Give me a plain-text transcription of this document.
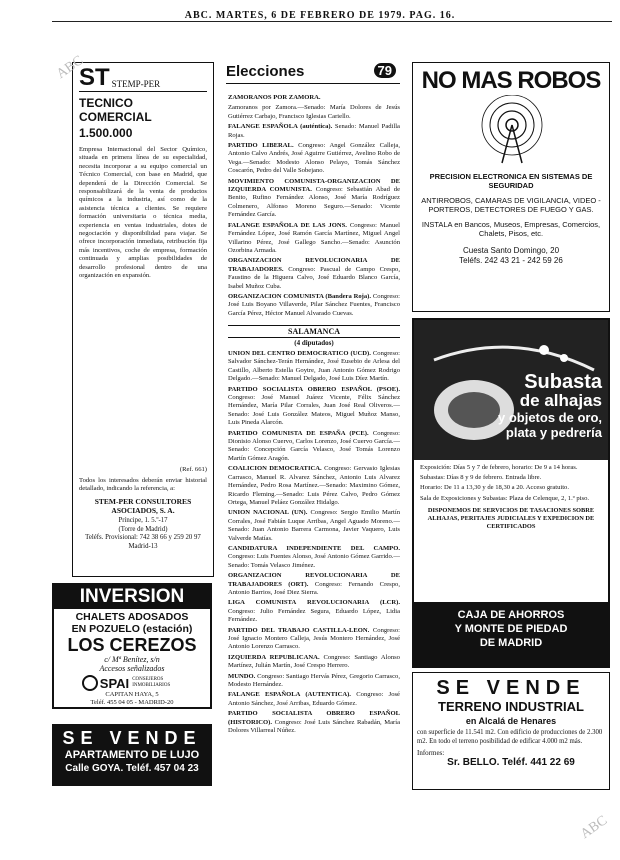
ABC. MARTES, 6 DE FEBRERO DE 1979. PAG. 16.
ST STEMP-PER
TECNICO
COMERCIAL
1.500.000
Empresa Internacional del Sector Químico, situada en primera línea de su especialidad, necesita incorporar a su equipo comercial un Técnico Comercial, con base en Madrid, que dependerá de la Dirección Comercial. Se responsabilizará de la venta de productos químicos a la industria, así como de la asistencia técnica a clientes. Se requiere formación universitaria o técnica media, experiencia en ventas industriales, dotes de negociación y disponibilidad para viajar. Se ofrece incorporación inmediata, retribución fija más incentivos, coche de empresa, formación continuada y amplias posibilidades de desarrollo profesional dentro de una organización en expansión.
(Ref. 661)
Todos los interesados deberán enviar historial detallado, indicando la referencia, a:
STEM-PER CONSULTORES
ASOCIADOS, S. A.
Príncipe, 1. 5.º-17
(Torre de Madrid)
Teléfs. Provisional: 742 38 66 y 259 20 97
Madrid-13
INVERSION
CHALETS ADOSADOS
EN POZUELO (estación)
LOS CEREZOS
c/ Mª Benítez, s/n
Accesos señalizados
SPAI CONSEJEROS INMOBILIARIOS
CAPITAN HAYA, 5
Teléf. 455 04 05 - MADRID-20
SE VENDE
APARTAMENTO DE LUJO
Calle GOYA. Teléf. 457 04 23
Elecciones	79

ZAMORANOS POR ZAMORA.

Zamoranos por Zamora.—Senado: María Dolores de Jesús Gutiérrez Carbajo, Francisco Iglesias Cariello.

FALANGE ESPAÑOLA (auténtica). Senado: Manuel Padilla Rojas.

PARTIDO LIBERAL. Congreso: Angel González Calleja, Antonio Calvo Andrés, José Aguirre Gutiérrez, Avelino Robo de Vega.—Senado: Modesto Alonso Pelayo, Tomás Sánchez Coscarón, Pedro del Valle Sobejano.

MOVIMIENTO COMUNISTA-ORGANIZACION DE IZQUIERDA COMUNISTA. Congreso: Sebastián Abad de Benito, Rufino Fernández Alonso, José María Rodríguez Colmenero, Alfonso Moreno Seguro.—Senado: Vicente Fernández García.

FALANGE ESPAÑOLA DE LAS JONS. Congreso: Manuel Fernández López, José Ramón García Martínez, Miguel Angel Villarino Pérez, José Gallego Sancho.—Senado: Asunción Ozorbina Armada.

ORGANIZACION REVOLUCIONARIA DE TRABAJADORES. Congreso: Pascual de Campo Crespo, Faustino de la Higuera Calvo, José Eduardo Blanco García, Isabel Muñoz Cuba.

ORGANIZACION COMUNISTA (Bandera Roja). Congreso: José Luis Boyano Villaverde, Pilar Sánchez Fuentes, Francisco García Pérez, Héctor Manuel Alvarado Cuevas.

SALAMANCA
(4 diputados)

UNION DEL CENTRO DEMOCRATICO (UCD). Congreso: Salvador Sánchez-Terán Hernández, José Eusebio de Arlesa del Castillo, Alberto Estella Goytre, Juan Antonio Gómez Rodrigo Delgado.—Senado: Manuel Delgado, José Luis Díez Martín.

PARTIDO SOCIALISTA OBRERO ESPAÑOL (PSOE). Congreso: José Manuel Juárez Vicente, Félix Sánchez Hernández, María Pilar Corrales, Juan José Real Oliveros.—Senado: José Luis González Mateos, Miguel Muñoz Manso, Luis Pineda Alarcón.

PARTIDO COMUNISTA DE ESPAÑA (PCE). Congreso: Dionisio Alonso Cuervo, Carlos Lorenzo, José Cuervo García.—Senado: Concepción García Velasco, José Tomás Lorenzo Martín Gómez Aragón.

COALICION DEMOCRATICA. Congreso: Gervasio Iglesias Carrasco, Manuel R. Alvarez Sánchez, Antonio Luis Alvarez Hernández, Pedro Rosa Martínez.—Senado: Maximino Gómez, Ricardo Fleming.—Senado: Luis Pérez Calvo, Pedro Gómez Ortega, Manuel Peláez González Hidalgo.

UNION NACIONAL (UN). Congreso: Sergio Emilio Martín Corrales, José Fabián Luque Arribas, Angel Aguado Moreno.—Senado: Juan Antonio Barrera Carmona, Javier Vaquero, Luis Valverde Matías.

CANDIDATURA INDEPENDIENTE DEL CAMPO. Congreso: Luis Fuentes Alonso, José Antonio Gómez Garrido.—Senado: Tomás Velasco Jiménez.

ORGANIZACION REVOLUCIONARIA DE TRABAJADORES (ORT). Congreso: Fernando Crespo, Antonio Barrios, José Diez Sierra.

LIGA COMUNISTA REVOLUCIONARIA (LCR). Congreso: Julio Fernández Segura, Eduardo López, Lidia Fernández.

PARTIDO DEL TRABAJO CASTILLA-LEON. Congreso: José Ignacio Montero Calleja, Jesús Montero Hernández, José Antonio Lorenzo Carrasco.

IZQUIERDA REPUBLICANA. Congreso: Santiago Alonso Martínez, Julián Martín, José Crespo Herrero.

MUNDO. Congreso: Santiago Hervás Pérez, Gregorio Carrasco, Modesto Hernández.

FALANGE ESPAÑOLA (AUTENTICA). Congreso: José Antonio Sánchez, José Arribas, Eduardo Gómez.

PARTIDO SOCIALISTA OBRERO ESPAÑOL (HISTORICO). Congreso: José Luis Sánchez Rabadán, María Dolores Villarreal Núñez.

NO MAS ROBOS
PRECISION ELECTRONICA EN SISTEMAS DE SEGURIDAD
ANTIRROBOS, CAMARAS DE VIGILANCIA, VIDEO - PORTEROS, DETECTORES DE FUEGO Y GAS.
INSTALA en Bancos, Museos, Empresas, Comercios, Chalets, Pisos, etc.
Cuesta Santo Domingo, 20
Teléfs. 242 43 21 - 242 59 26
Subasta
de alhajas
y objetos de oro,
plata y pedrería

Exposición: Días 5 y 7 de febrero, horario: De 9 a 14 horas.

Subastas: Días 8 y 9 de febrero. Entrada libre.

Horario: De 11 a 13,30 y de 18,30 a 20. Acceso gratuito.

Sala de Exposiciones y Subastas: Plaza de Celenque, 2, 1.º piso.

DISPONEMOS DE SERVICIOS DE TASACIONES SOBRE ALHAJAS, PERITAJES JUDICIALES Y EXPEDICION DE CERTIFICADOS
CAJA DE AHORROS
Y MONTE DE PIEDAD
DE MADRID
SE VENDE
TERRENO INDUSTRIAL
en Alcalá de Henares
con superficie de 11.541 m2. Con edificio de producciones de 2.300 m2. En todo el terreno posibilidad de edificar 4.000 m2 más.
Informes:
Sr. BELLO. Teléf. 441 22 69
ABC
ABC
